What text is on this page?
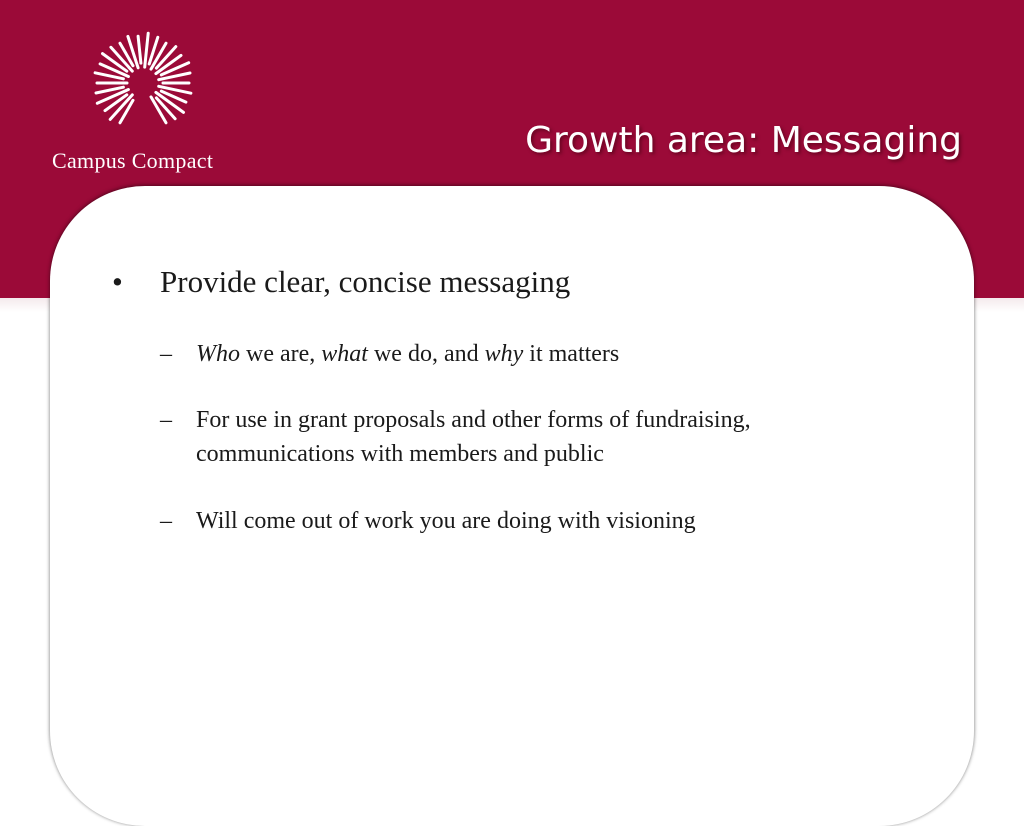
Campus Compact	Growth area: Messaging
• Provide clear, concise messaging
– Who we are, what we do, and why it matters
– For use in grant proposals and other forms of fundraising, communications with members and public
– Will come out of work you are doing with visioning
